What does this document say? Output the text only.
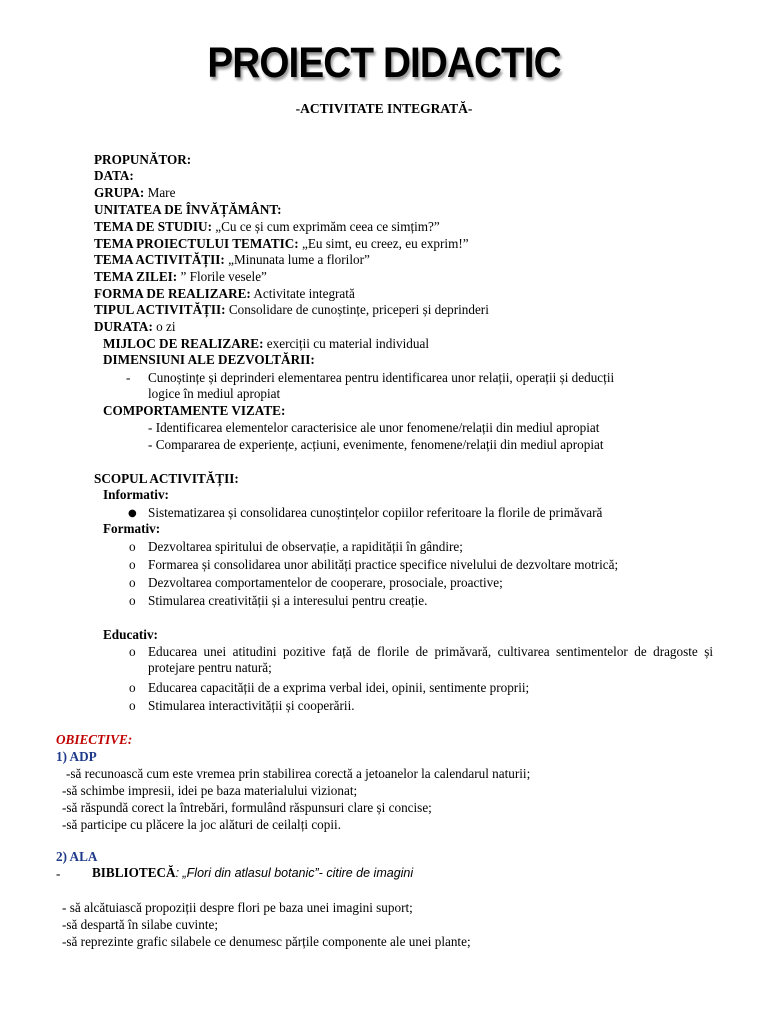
PROIECT DIDACTIC
-ACTIVITATE INTEGRATĂ-
PROPUNĂTOR:
DATA:
GRUPA: Mare
UNITATEA DE ÎNVĂȚĂMÂNT:
TEMA DE STUDIU: „Cu ce și cum exprimăm ceea ce simțim?”
TEMA PROIECTULUI TEMATIC: „Eu simt, eu creez, eu exprim!”
TEMA ACTIVITĂȚII: „Minunata lume a florilor”
TEMA ZILEI: ” Florile vesele”
FORMA DE REALIZARE: Activitate integrată
TIPUL ACTIVITĂȚII: Consolidare de cunoștințe, priceperi și deprinderi
DURATA: o zi
MIJLOC DE REALIZARE: exerciții cu material individual
DIMENSIUNI ALE DEZVOLTĂRII:
- Cunoștințe și deprinderi elementarea pentru identificarea unor relații, operații și deducții
logice în mediul apropiat
COMPORTAMENTE VIZATE:
- Identificarea elementelor caracterisice ale unor fenomene/relații din mediul apropiat
- Compararea de experiențe, acțiuni, evenimente, fenomene/relații din mediul apropiat
SCOPUL ACTIVITĂȚII:
Informativ:
● Sistematizarea și consolidarea cunoștințelor copiilor referitoare la florile de primăvară
Formativ:
o Dezvoltarea spiritului de observație, a rapidității în gândire;
o Formarea și consolidarea unor abilități practice specifice nivelului de dezvoltare motrică;
o Dezvoltarea comportamentelor de cooperare, prosociale, proactive;
o Stimularea creativității și a interesului pentru creație.
Educativ:
o Educarea unei atitudini pozitive față de florile de primăvară, cultivarea sentimentelor de dragoste și protejare pentru natură;
o Educarea capacității de a exprima verbal idei, opinii, sentimente proprii;
o Stimularea interactivității și cooperării.
OBIECTIVE:
1) ADP
-să recunoască cum este vremea prin stabilirea corectă a jetoanelor la calendarul naturii;
-să schimbe impresii, idei pe baza materialului vizionat;
-să răspundă corect la întrebări, formulând răspunsuri clare și concise;
-să participe cu plăcere la joc alături de ceilalți copii.
2) ALA
- BIBLIOTECĂ: „Flori din atlasul botanic”- citire de imagini
- să alcătuiască propoziții despre flori pe baza unei imagini suport;
-să despartă în silabe cuvinte;
-să reprezinte grafic silabele ce denumesc părțile componente ale unei plante;
